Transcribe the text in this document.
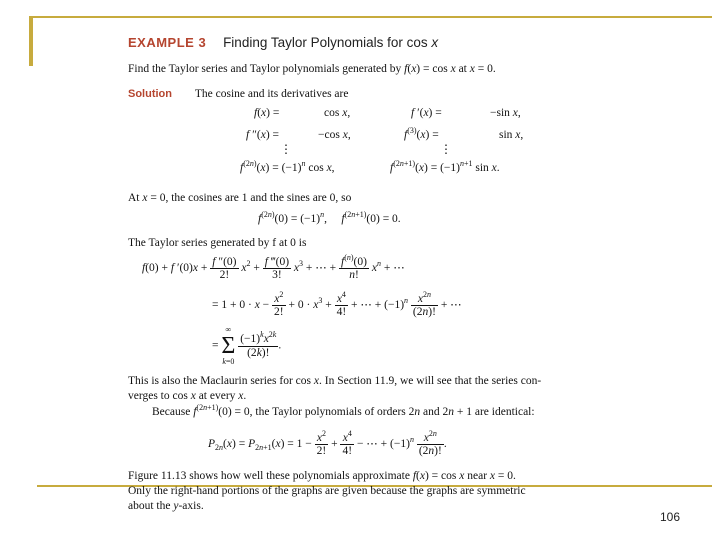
106
EXAMPLE 3 Finding Taylor Polynomials for cos x
Find the Taylor series and Taylor polynomials generated by f(x) = cos x at x = 0.
Solution The cosine and its derivatives are
f(x) =	cos x,	f ′(x) =	−sin x,
f ″(x) =	−cos x,	$f^{(3)}(x)$ =	sin x,
⋮	⋮
$f^{(2n)}(x) = (-1)^n$ cos x,	$f^{(2n+1)}(x) = (-1)^{n+1}$ sin x.
At x = 0, the cosines are 1 and the sines are 0, so
$f^{(2n)}(0) = (-1)^n$,     $f^{(2n+1)}(0) = 0$.
The Taylor series generated by f at 0 is
f(0) + f $'(0)x + \frac{f ''(0)}{2!} x^2 + \frac{f ‴(0)}{3!} x^3$ + ⋯ + $\frac{f^{(n)}(0)}{n!} x^n$ + ⋯
= $1 + 0 \cdot x - \frac{x^2}{2!} + 0 \cdot x^3 + \frac{x^4}{4!}$ + ⋯ + $(-1)^n \frac{x^{2n}}{(2n)!}$ + ⋯
=
∞
Σ
k=0

$\frac{(-1)^kx^{2k}}{(2k)!}$ .
This is also the Maclaurin series for cos x. In Section 11.9, we will see that the series con-
verges to cos x at every x.
Because $f^{(2n+1)}(0) = 0$, the Taylor polynomials of orders 2n and 2n + 1 are identical:
$P_{2n}(x) = P_{2n+1}(x) = 1 - \frac{x^2}{2!} + \frac{x^4}{4!}$ − ⋯ + $(-1)^n \frac{x^{2n}}{(2n)!}$ .
Figure 11.13 shows how well these polynomials approximate f(x) = cos x near x = 0.
Only the right-hand portions of the graphs are given because the graphs are symmetric
about the y-axis.
